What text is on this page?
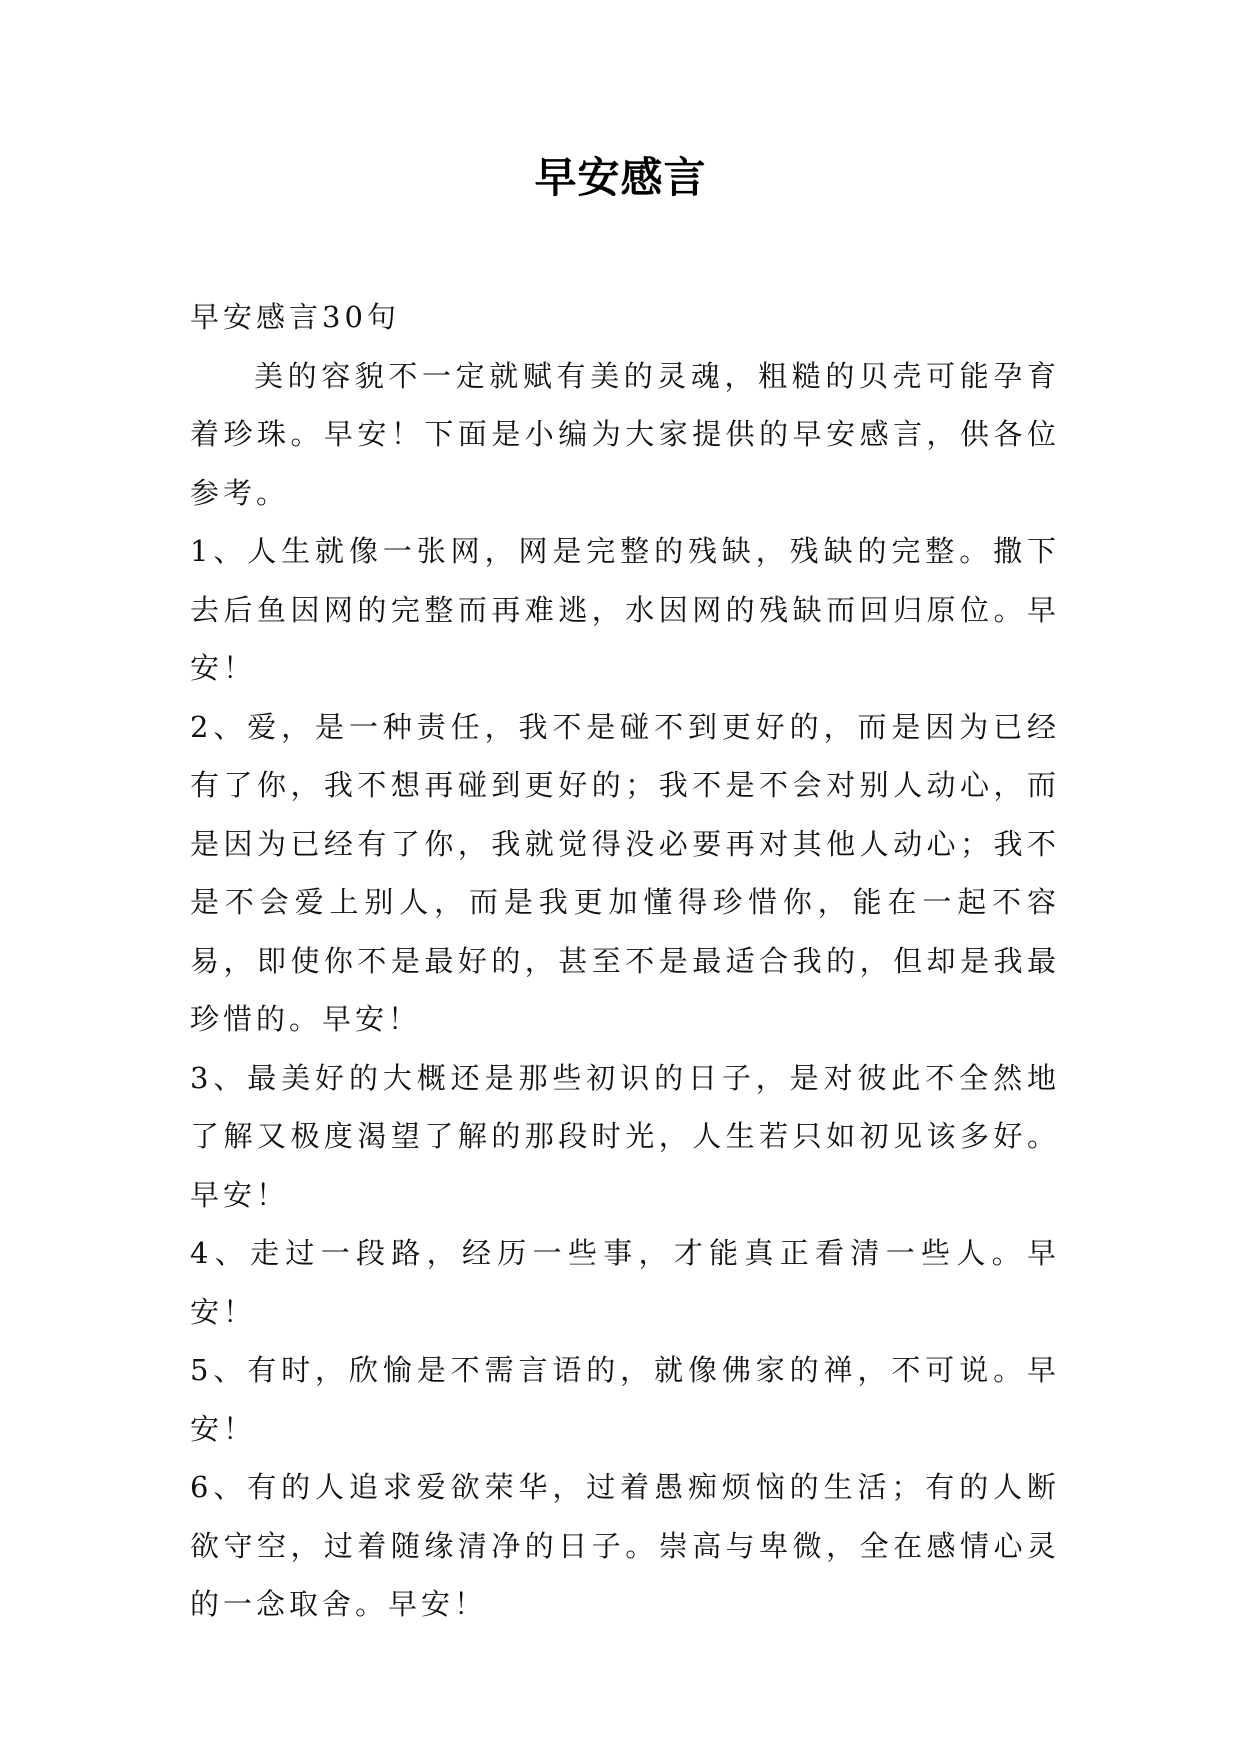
早安感言

早安感言30句

美的容貌不一定就赋有美的灵魂，粗糙的贝壳可能孕育着珍珠。早安！下面是小编为大家提供的早安感言，供各位参考。

1、人生就像一张网，网是完整的残缺，残缺的完整。撒下去后鱼因网的完整而再难逃，水因网的残缺而回归原位。早安！

2、爱，是一种责任，我不是碰不到更好的，而是因为已经有了你，我不想再碰到更好的；我不是不会对别人动心，而是因为已经有了你，我就觉得没必要再对其他人动心；我不是不会爱上别人，而是我更加懂得珍惜你，能在一起不容易，即使你不是最好的，甚至不是最适合我的，但却是我最珍惜的。早安！

3、最美好的大概还是那些初识的日子，是对彼此不全然地了解又极度渴望了解的那段时光，人生若只如初见该多好。早安！

4、走过一段路，经历一些事，才能真正看清一些人。早安！

5、有时，欣愉是不需言语的，就像佛家的禅，不可说。早安！

6、有的人追求爱欲荣华，过着愚痴烦恼的生活；有的人断欲守空，过着随缘清净的日子。崇高与卑微，全在感情心灵的一念取舍。早安！
